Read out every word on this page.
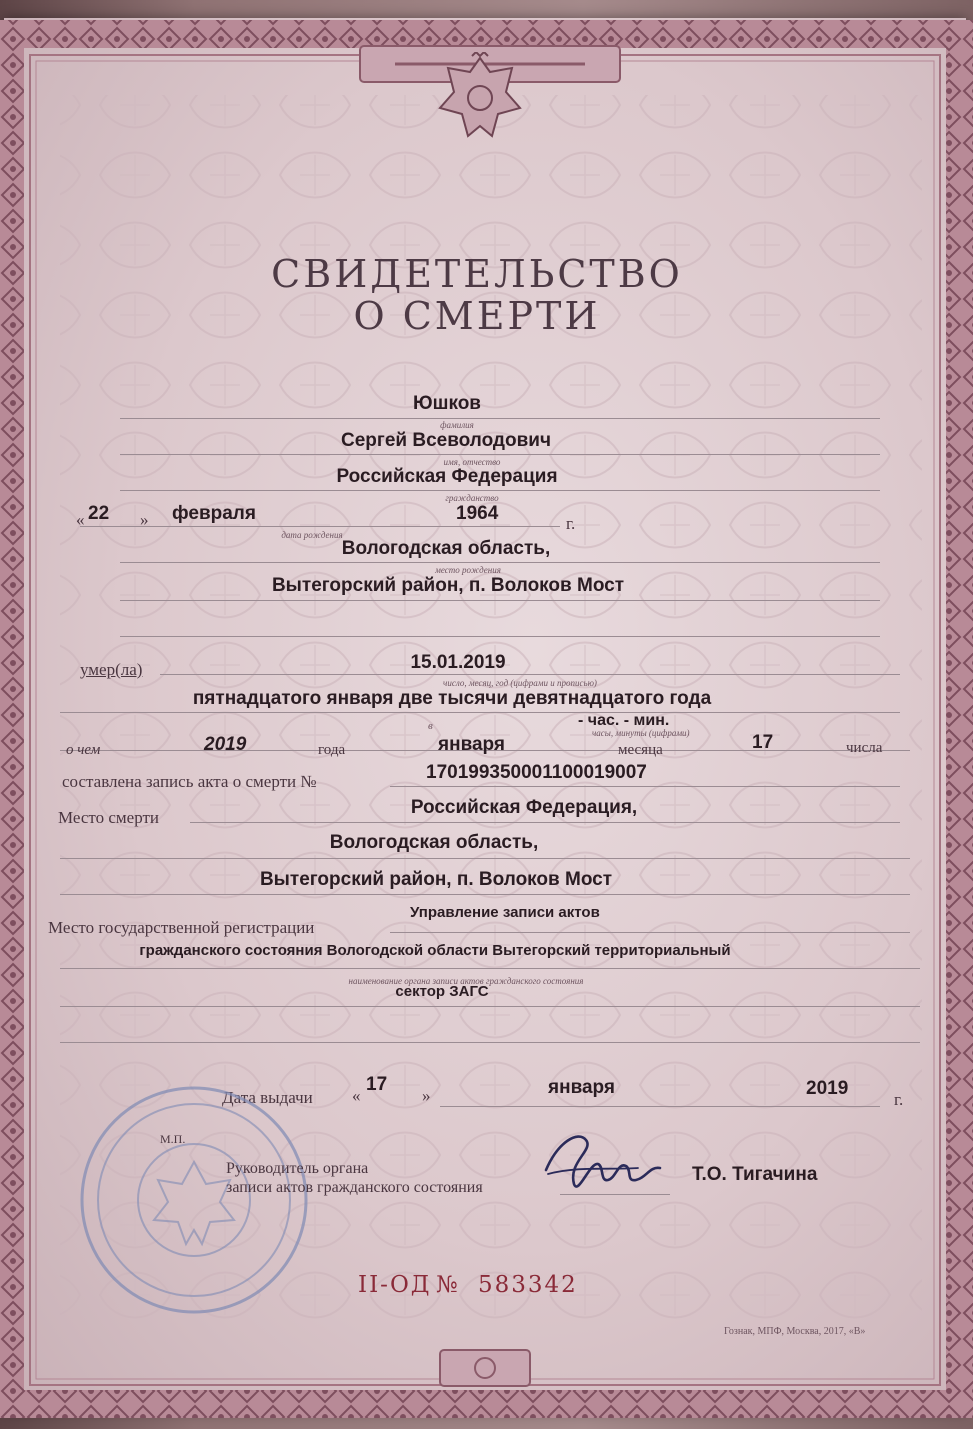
СВИДЕТЕЛЬСТВО
О СМЕРТИ
Юшков
фамилия
Сергей Всеволодович
имя, отчество
Российская Федерация
гражданство
« 22 » февраля	1964	г.
дата рождения
Вологодская область,
место рождения
Вытегорский район, п. Волоков Мост
умер(ла)	15.01.2019
число, месяц, год (цифрами и прописью)
пятнадцатого января две тысячи девятнадцатого года
в	- час. - мин.
часы, минуты (цифрами)
о чем	2019	года	января	месяца	17	числа
составлена запись акта о смерти №	170199350001100019007
Место смерти	Российская Федерация,
Вологодская область,
Вытегорский район, п. Волоков Мост
Место государственной регистрации
Управление записи актов
гражданского состояния Вологодской области Вытегорский территориальный
наименование органа записи актов гражданского состояния
сектор ЗАГС
Дата выдачи «
17
»	января	2019
г.
М.П.
Руководитель органа
записи актов гражданского состояния
Т.О. Тигачина
II-ОД № 583342
Гознак, МПФ, Москва, 2017, «В»
